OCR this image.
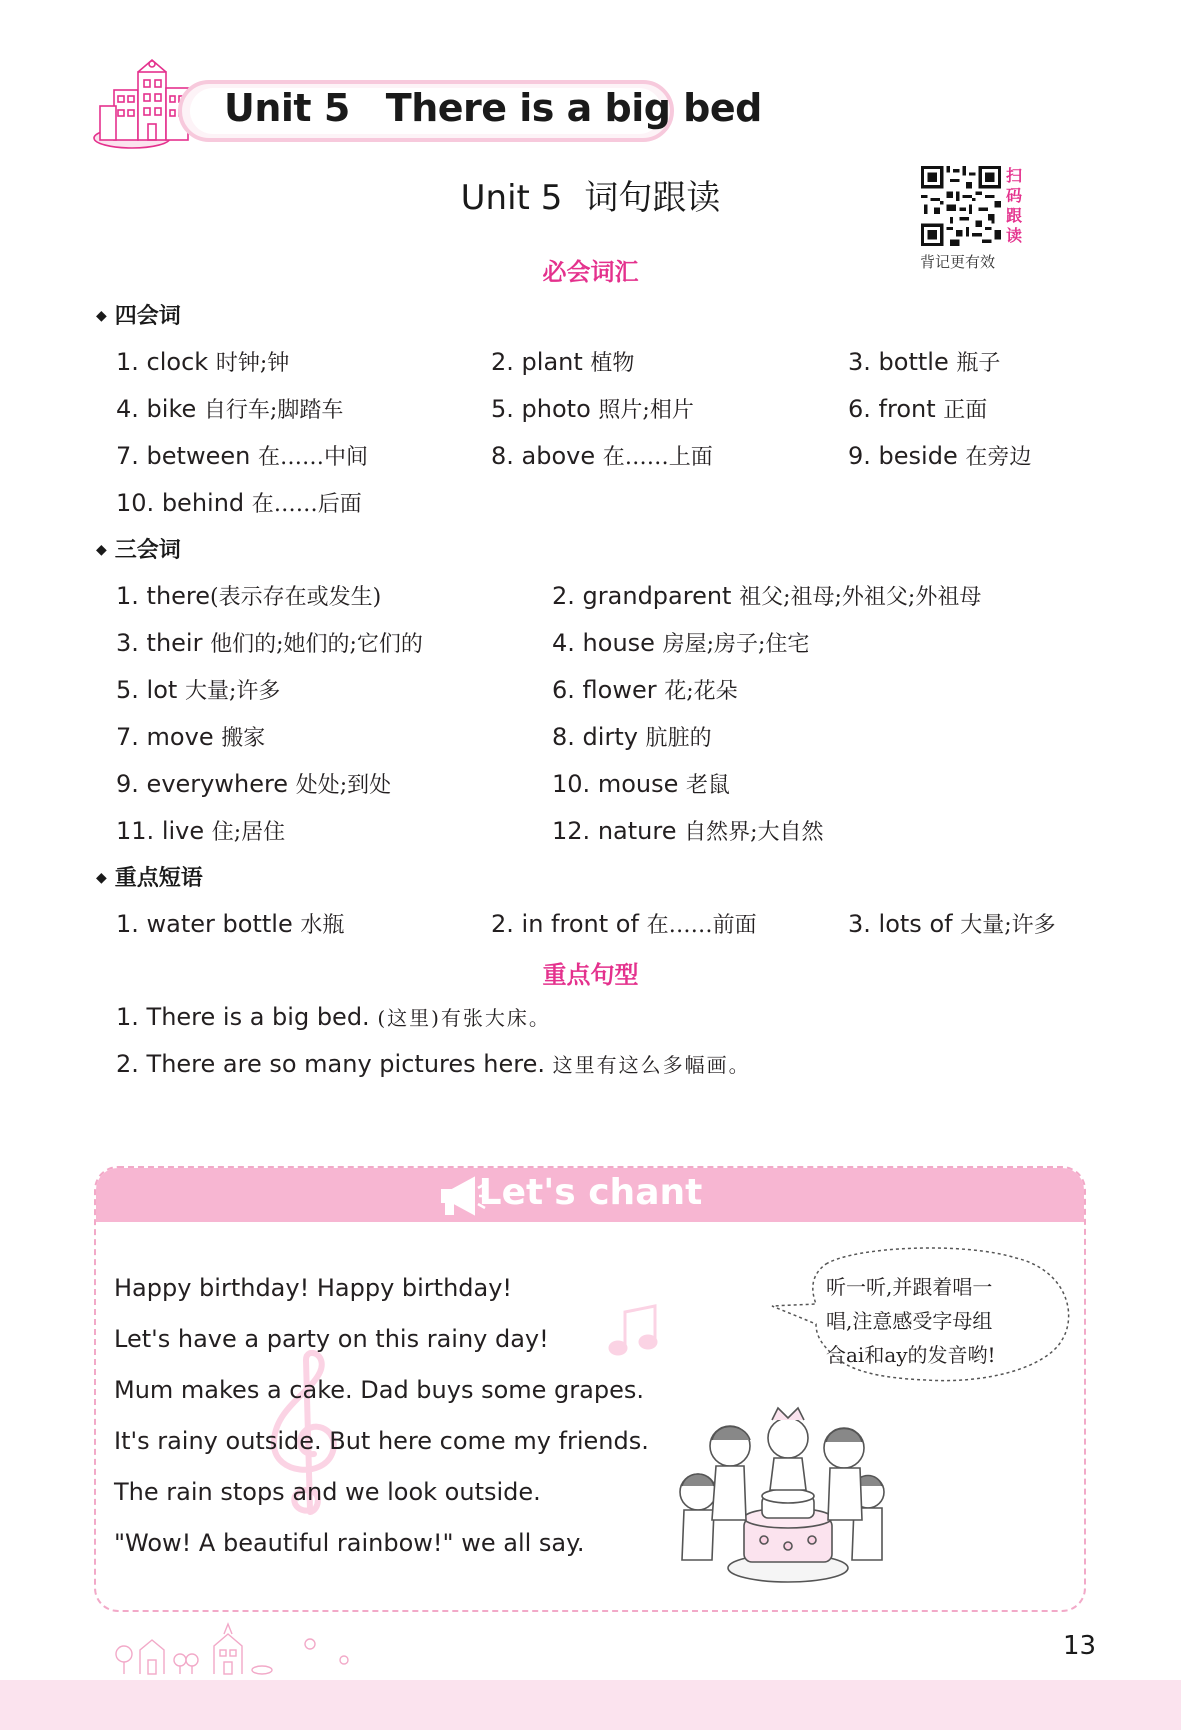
Unit 5 There is a big bed
Unit 5 词句跟读
扫
码
跟
读
背记更有效
必会词汇
◆ 四会词
1. clock 时钟;钟	2. plant 植物	3. bottle 瓶子
4. bike 自行车;脚踏车	5. photo 照片;相片	6. front 正面
7. between 在……中间	8. above 在……上面	9. beside 在旁边
10. behind 在……后面
◆ 三会词
1. there(表示存在或发生)	2. grandparent 祖父;祖母;外祖父;外祖母
3. their 他们的;她们的;它们的	4. house 房屋;房子;住宅
5. lot 大量;许多	6. flower 花;花朵
7. move 搬家	8. dirty 肮脏的
9. everywhere 处处;到处	10. mouse 老鼠
11. live 住;居住	12. nature 自然界;大自然
◆ 重点短语
1. water bottle 水瓶	2. in front of 在……前面	3. lots of 大量;许多
重点句型
1. There is a big bed. (这里)有张大床。
2. There are so many pictures here. 这里有这么多幅画。
Let's chant
Happy birthday! Happy birthday!
Let's have a party on this rainy day!
Mum makes a cake. Dad buys some grapes.
It's rainy outside. But here come my friends.
The rain stops and we look outside.
"Wow! A beautiful rainbow!" we all say.
听一听,并跟着唱一
唱,注意感受字母组
合ai和ay的发音哟!
13
